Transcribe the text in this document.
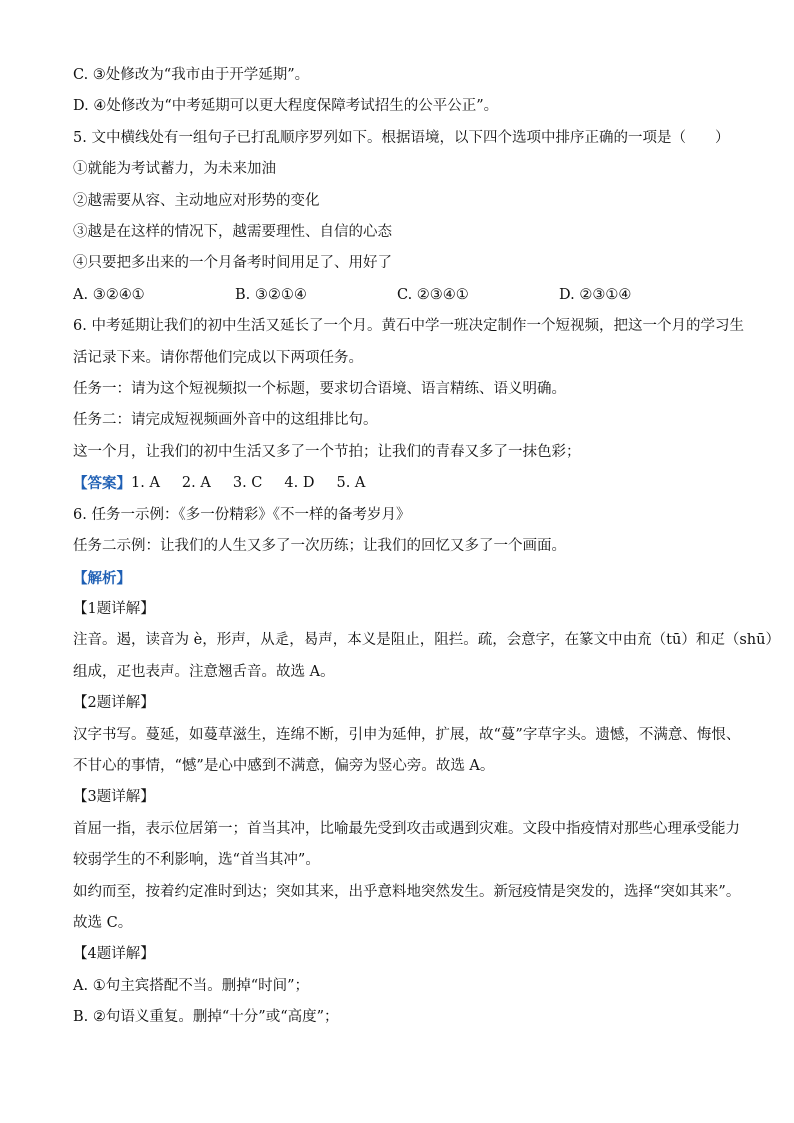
C. ③处修改为“我市由于开学延期”。
D. ④处修改为“中考延期可以更大程度保障考试招生的公平公正”。
5. 文中横线处有一组句子已打乱顺序罗列如下。根据语境，以下四个选项中排序正确的一项是（　　）
①就能为考试蓄力，为未来加油
②越需要从容、主动地应对形势的变化
③越是在这样的情况下，越需要理性、自信的心态
④只要把多出来的一个月备考时间用足了、用好了
A. ③②④①	B. ③②①④	C. ②③④①	D. ②③①④
6. 中考延期让我们的初中生活又延长了一个月。黄石中学一班决定制作一个短视频，把这一个月的学习生
活记录下来。请你帮他们完成以下两项任务。
任务一：请为这个短视频拟一个标题，要求切合语境、语言精练、语义明确。
任务二：请完成短视频画外音中的这组排比句。
这一个月，让我们的初中生活又多了一个节拍；让我们的青春又多了一抹色彩；
【答案】 1. A 2. A 3. C 4. D 5. A
6. 任务一示例：《多一份精彩》《不一样的备考岁月》
任务二示例：让我们的人生又多了一次历练；让我们的回忆又多了一个画面。
【解析】
【1题详解】
注音。遏，读音为 è，形声，从辵，曷声，本义是阻止，阻拦。疏，会意字，在篆文中由㐬（tū）和疋（shū）
组成，疋也表声。注意翘舌音。故选 A。
【2题详解】
汉字书写。蔓延，如蔓草滋生，连绵不断，引申为延伸，扩展，故“蔓”字草字头。遗憾，不满意、悔恨、
不甘心的事情，“憾”是心中感到不满意，偏旁为竖心旁。故选 A。
【3题详解】
首屈一指，表示位居第一；首当其冲，比喻最先受到攻击或遇到灾难。文段中指疫情对那些心理承受能力
较弱学生的不利影响，选“首当其冲”。
如约而至，按着约定准时到达；突如其来，出乎意料地突然发生。新冠疫情是突发的，选择“突如其来”。
故选 C。
【4题详解】
A. ①句主宾搭配不当。删掉“时间”；
B. ②句语义重复。删掉“十分”或“高度”；
